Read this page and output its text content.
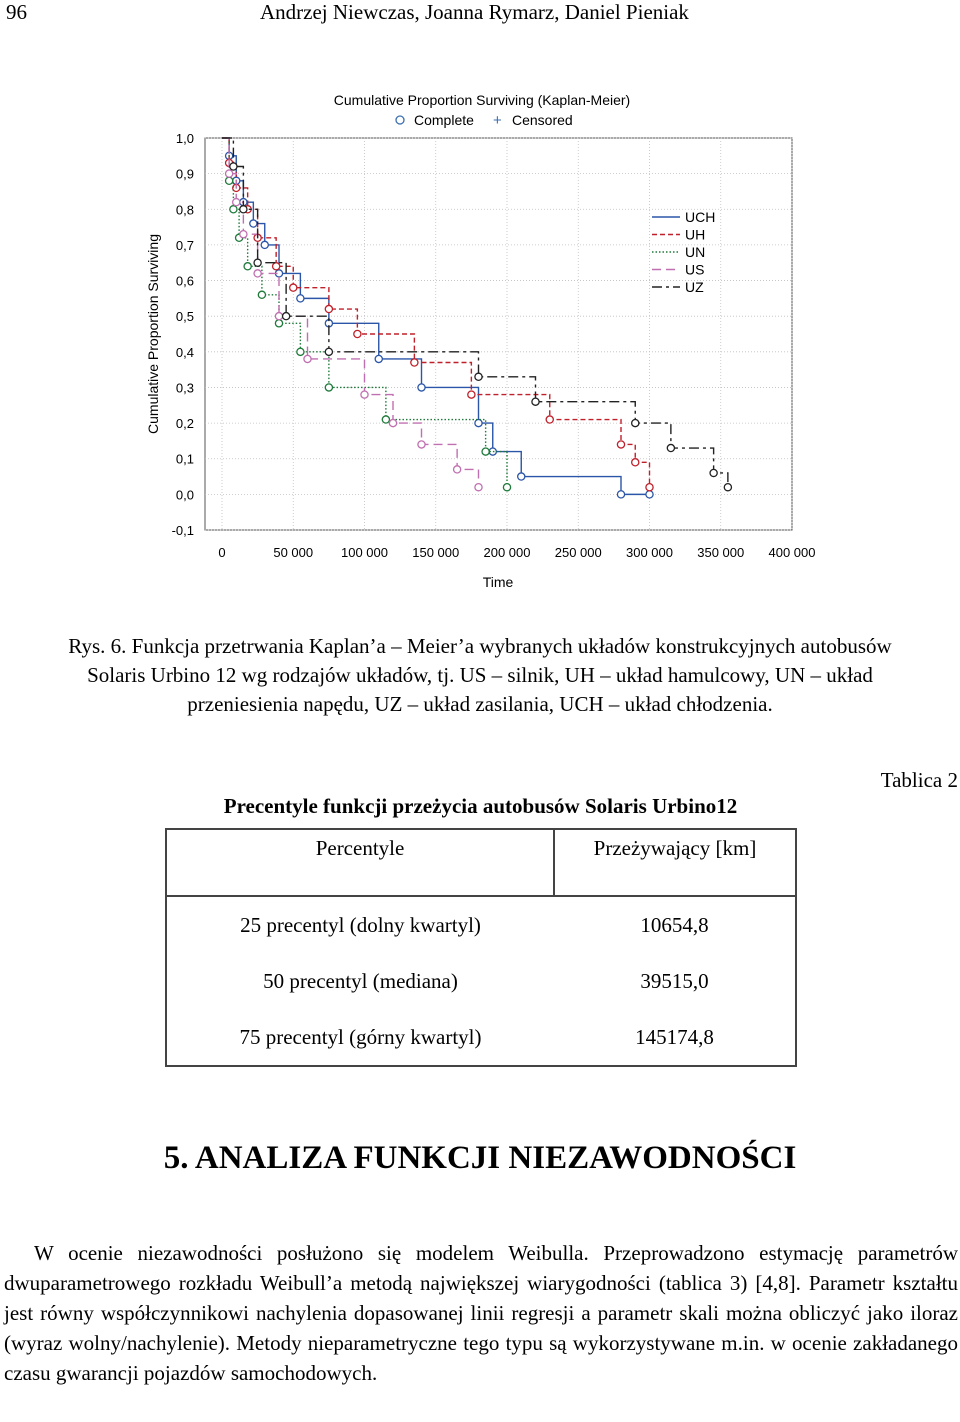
96	Andrzej Niewczas, Joanna Rymarz, Daniel Pieniak
Cumulative Proportion Surviving (Kaplan-Meier)
Complete + Censored
-0,1
0,0
0,1
0,2
0,3
0,4
0,5
0,6
0,7
0,8
0,9
1,0
0	50 000 100 000 150 000 200 000 250 000 300 000 350 000 400 000
Cumulative Proportion Surviving
Time
UCH
UH
UN
US
UZ

Rys. 6. Funkcja przetrwania Kaplan’a – Meier’a wybranych układów konstrukcyjnych autobusów

Solaris Urbino 12 wg rodzajów układów, tj. US – silnik, UH – układ hamulcowy, UN – układ

przeniesienia napędu, UZ – układ zasilania, UCH – układ chłodzenia.

Tablica 2
Precentyle funkcji przeżycia autobusów Solaris Urbino12
Percentyle	Przeżywający [km]
25 precentyl (dolny kwartyl)	10654,8
50 precentyl (mediana)	39515,0
75 precentyl (górny kwartyl)	145174,8
5. ANALIZA FUNKCJI NIEZAWODNOŚCI

W ocenie niezawodności posłużono się modelem Weibulla. Przeprowadzono estymację parametrów dwuparametrowego rozkładu Weibull’a metodą największej wiarygodności (tablica 3) [4,8]. Parametr kształtu jest równy współczynnikowi nachylenia dopasowanej linii regresji a parametr skali można obliczyć jako iloraz (wyraz wolny/nachylenie). Metody nieparametryczne tego typu są wykorzystywane m.in. w ocenie zakładanego czasu gwarancji pojazdów samochodowych.
